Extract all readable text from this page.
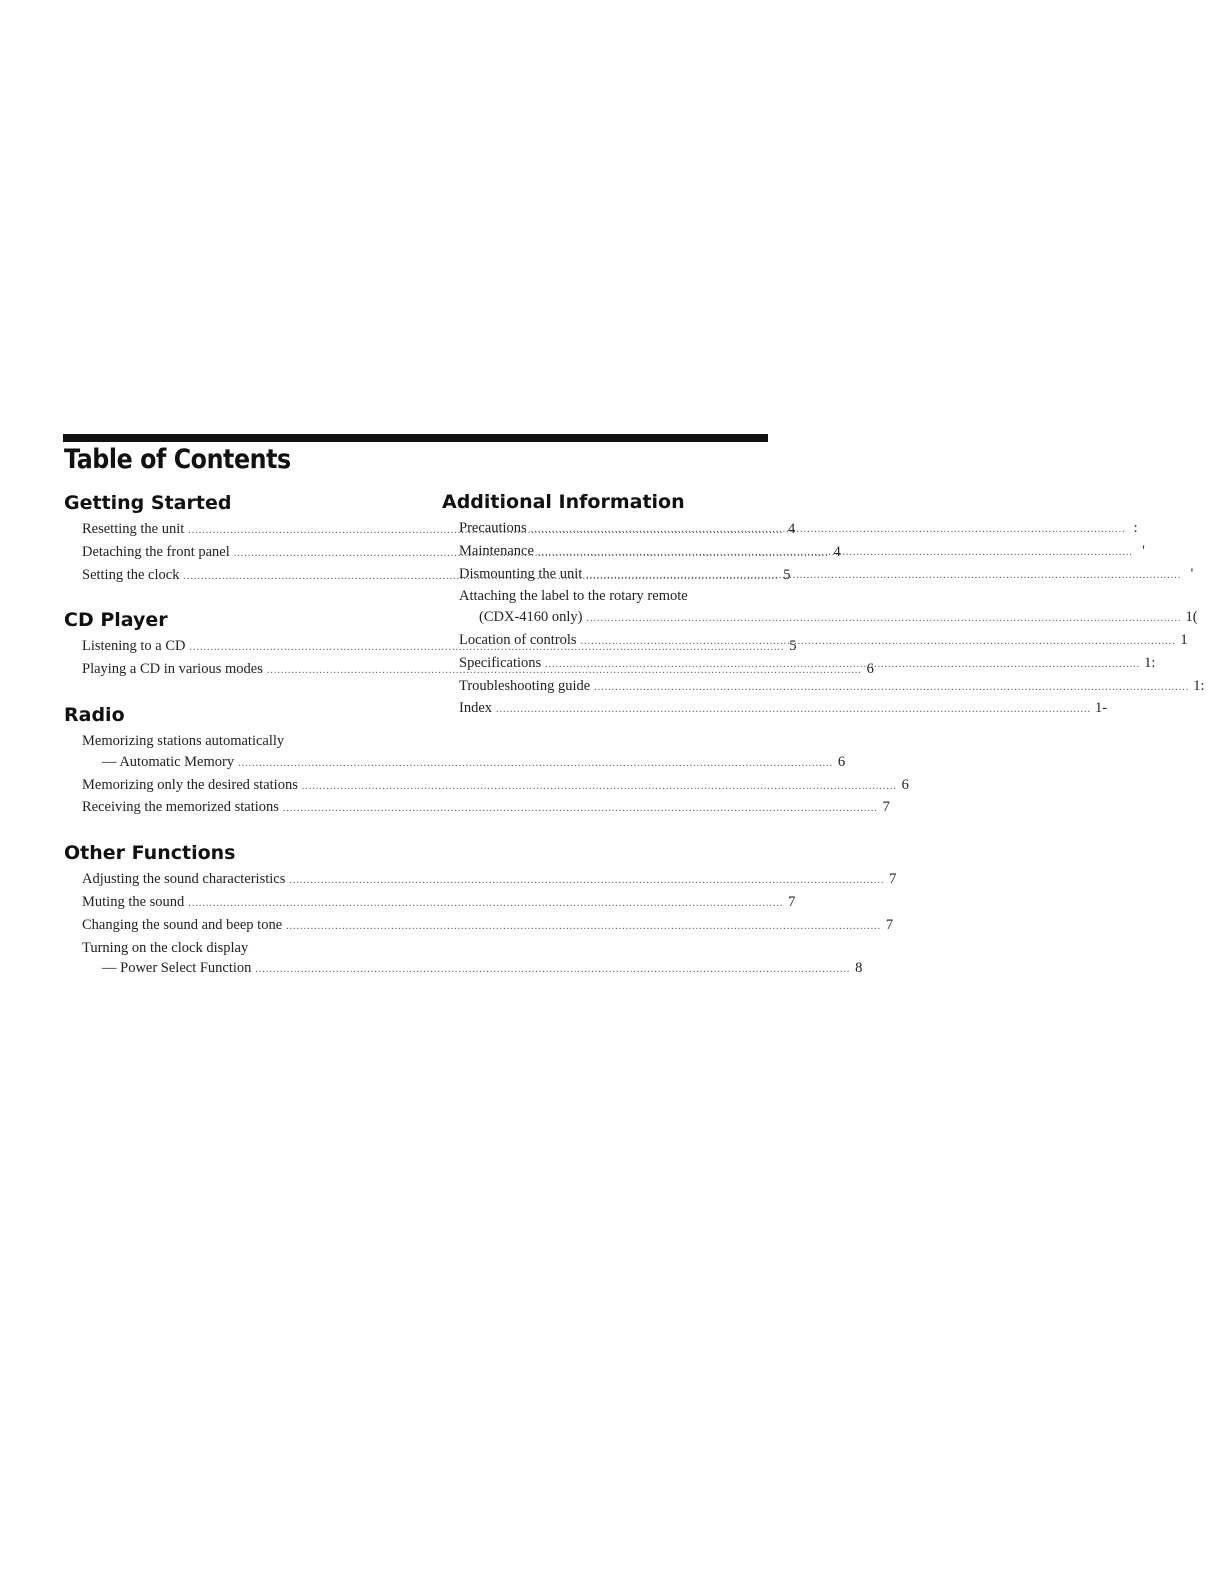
Table of Contents
Getting Started
Resetting the unit .....	4
Detaching the front panel .....	4
Setting the clock .....	5
CD Player
Listening to a CD .....	5
Playing a CD in various modes .....	6
Radio
Memorizing stations automatically
— Automatic Memory .....	6
Memorizing only the desired stations .....	6
Receiving the memorized stations .....	7
Other Functions
Adjusting the sound characteristics .....	7
Muting the sound .....	7
Changing the sound and beep tone .....	7
Turning on the clock display
— Power Select Function .....	8
Additional Information
Precautions .....	:
Maintenance .....	'
Dismounting the unit .....	'
Attaching the label to the rotary remote
(CDX-4160 only) .....	1(
Location of controls .....	1
Specifications .....	1:
Troubleshooting guide .....	1:
Index .....	1-
